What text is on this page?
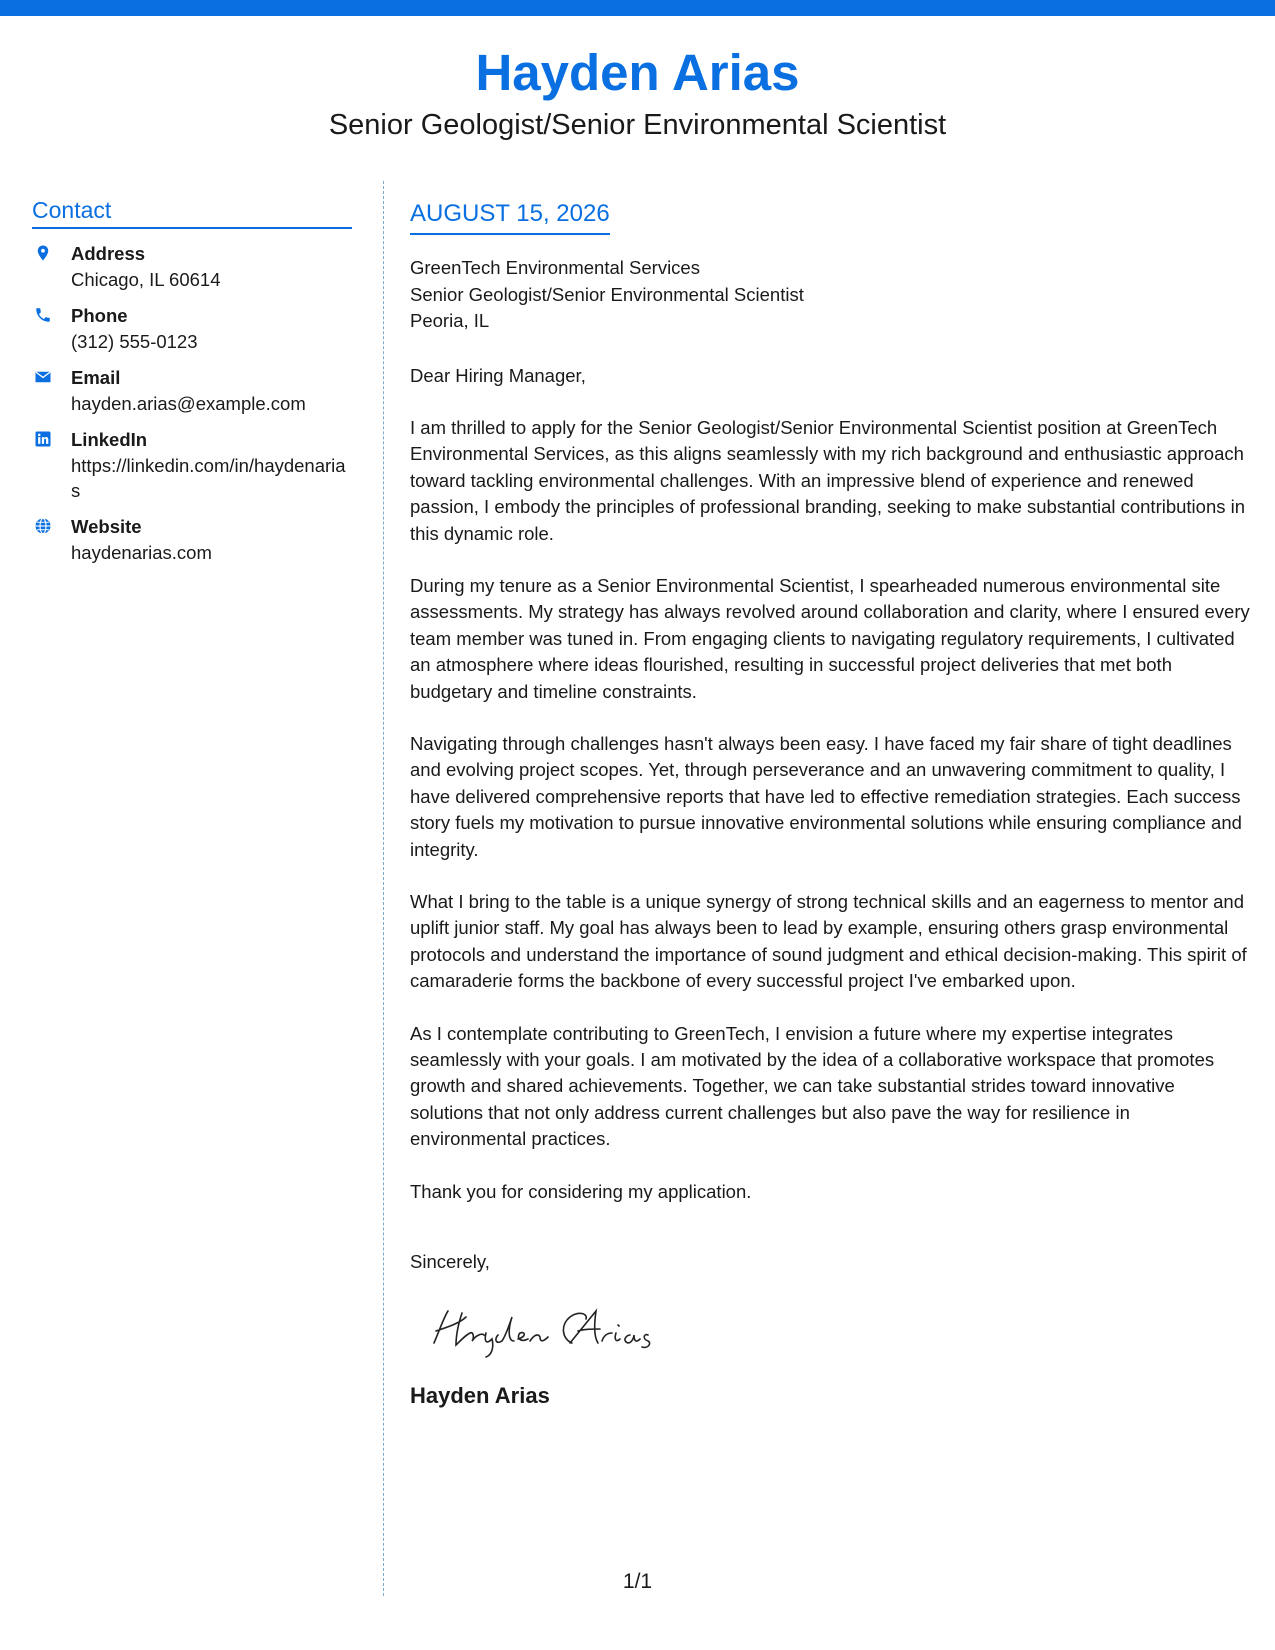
Hayden Arias
Senior Geologist/Senior Environmental Scientist
Contact
Address
Chicago, IL 60614
Phone
(312) 555-0123
Email
hayden.arias@example.com
LinkedIn
https://linkedin.com/in/haydenarias
Website
haydenarias.com
AUGUST 15, 2026
GreenTech Environmental Services
Senior Geologist/Senior Environmental Scientist
Peoria, IL

Dear Hiring Manager,

I am thrilled to apply for the Senior Geologist/Senior Environmental Scientist position at GreenTech Environmental Services, as this aligns seamlessly with my rich background and enthusiastic approach toward tackling environmental challenges. With an impressive blend of experience and renewed passion, I embody the principles of professional branding, seeking to make substantial contributions in this dynamic role.

During my tenure as a Senior Environmental Scientist, I spearheaded numerous environmental site assessments. My strategy has always revolved around collaboration and clarity, where I ensured every team member was tuned in. From engaging clients to navigating regulatory requirements, I cultivated an atmosphere where ideas flourished, resulting in successful project deliveries that met both budgetary and timeline constraints.

Navigating through challenges hasn't always been easy. I have faced my fair share of tight deadlines and evolving project scopes. Yet, through perseverance and an unwavering commitment to quality, I have delivered comprehensive reports that have led to effective remediation strategies. Each success story fuels my motivation to pursue innovative environmental solutions while ensuring compliance and integrity.

What I bring to the table is a unique synergy of strong technical skills and an eagerness to mentor and uplift junior staff. My goal has always been to lead by example, ensuring others grasp environmental protocols and understand the importance of sound judgment and ethical decision-making. This spirit of camaraderie forms the backbone of every successful project I've embarked upon.

As I contemplate contributing to GreenTech, I envision a future where my expertise integrates seamlessly with your goals. I am motivated by the idea of a collaborative workspace that promotes growth and shared achievements. Together, we can take substantial strides toward innovative solutions that not only address current challenges but also pave the way for resilience in environmental practices.

Thank you for considering my application.

Sincerely,
Hayden Arias
1/1
